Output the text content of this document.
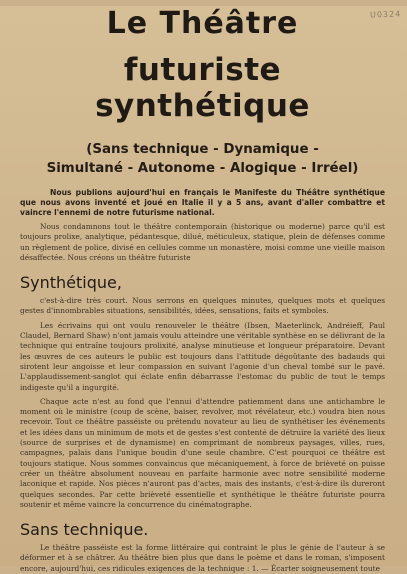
U0324
Le Théâtre
futuriste synthétique
(Sans technique - Dynamique -
Simultané - Autonome - Alogique - Irréel)
Nous publions aujourd'hui en français le Manifeste du Théâtre synthétique que nous avons inventé et joué en Italie il y a 5 ans, avant d'aller combattre et vaincre l'ennemi de notre futurisme national.

Nous condamnons tout le théâtre contemporain (historique ou moderne) parce qu'il est toujours prolixe, analytique, pédantesque, dilué, méticuleux, statique, plein de défenses comme un règlement de police, divisé en cellules comme un monastère, moisi comme une vieille maison désaffectée. Nous créons un théâtre futuriste

Synthétique,

c'est-à-dire très court. Nous serrons en quelques minutes, quelques mots et quelques gestes d'innombrables situations, sensibilités, idées, sensations, faits et symboles.

Les écrivains qui ont voulu renouveler le théâtre (Ibsen, Maeterlinck, Andréieff, Paul Claudel, Bernard Shaw) n'ont jamais voulu atteindre une véritable synthèse en se délivrant de la technique qui entraîne toujours prolixité, analyse minutieuse et longueur préparatoire. Devant les œuvres de ces auteurs le public est toujours dans l'attitude dégoûtante des badauds qui sirotent leur angoisse et leur compassion en suivant l'agonie d'un cheval tombé sur le pavé. L'applaudissement-sanglot qui éclate enfin débarrasse l'estomac du public de tout le temps indigeste qu'il a ingurgité.

Chaque acte n'est au fond que l'ennui d'attendre patiemment dans une antichambre le moment où le ministre (coup de scène, baiser, revolver, mot révélateur, etc.) voudra bien nous recevoir. Tout ce théâtre passéiste ou prétendu novateur au lieu de synthétiser les événements et les idées dans un minimum de mots et de gestes s'est contenté de détruire la variété des lieux (source de surprises et de dynamisme) en comprimant de nombreux paysages, villes, rues, campagnes, palais dans l'unique boudin d'une seule chambre. C'est pourquoi ce théâtre est toujours statique. Nous sommes convaincus que mécaniquement, à force de brièveté on puisse créer un théâtre absolument nouveau en parfaite harmonie avec notre sensibilité moderne laconique et rapide. Nos pièces n'auront pas d'actes, mais des instants, c'est-à-dire ils dureront quelques secondes. Par cette brièveté essentielle et synthétique le théâtre futuriste pourra soutenir et même vaincre la concurrence du cinématographe.

Sans technique.

Le théâtre passéiste est la forme littéraire qui contraint le plus le génie de l'auteur à se déformer et à se châtrer. Au théâtre bien plus que dans le poème et dans le roman, s'imposent encore, aujourd'hui, ces ridicules exigences de la technique : 1. — Écarter soigneusement toute
